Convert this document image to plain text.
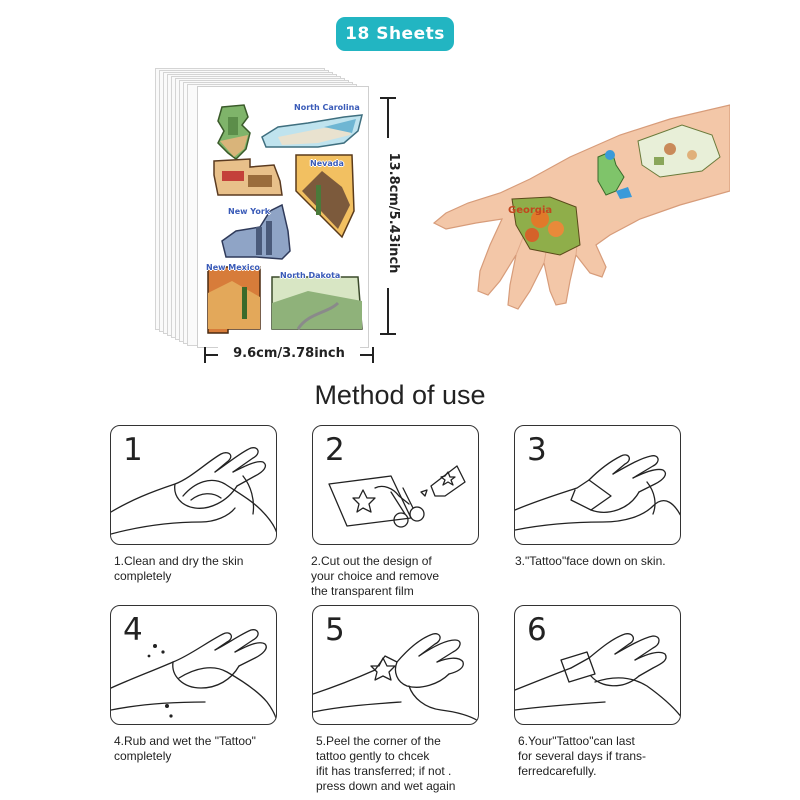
18 Sheets
North Carolina
Nevada
New York
New Mexico
North Dakota
13.8cm/5.43inch
9.6cm/3.78inch
Georgia
Method of use
1
1.Clean and dry the skin
completely
2
2.Cut out the design of
your choice and remove
the transparent film
3
3."Tattoo"face down on skin.
4
4.Rub and wet the "Tattoo"
completely
5
5.Peel the corner of the
tattoo gently to chcek
ifit has transferred; if not .
press down and wet again
6
6.Your"Tattoo"can last
for several days if trans-
ferredcarefully.
